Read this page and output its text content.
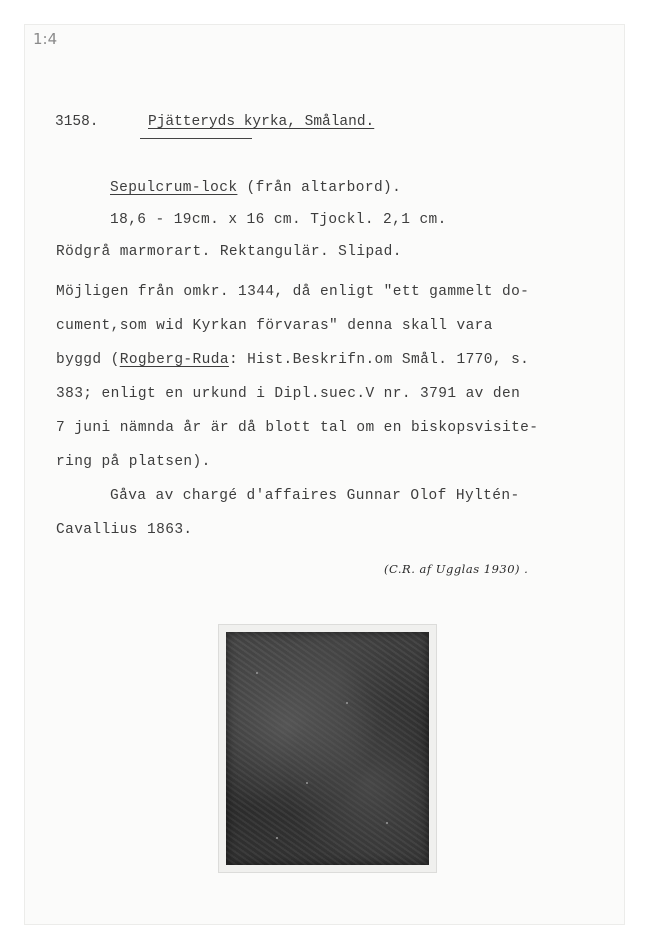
1:4
3158.	Pjätteryds kyrka, Småland.
Sepulcrum-lock (från altarbord).
18,6 - 19cm. x 16 cm. Tjockl. 2,1 cm.
Rödgrå marmorart. Rektangulär. Slipad.
Möjligen från omkr. 1344, då enligt "ett gammelt do-
cument,som wid Kyrkan förvaras" denna skall vara
byggd (Rogberg-Ruda: Hist.Beskrifn.om Smål. 1770, s.
383; enligt en urkund i Dipl.suec.V nr. 3791 av den
7 juni nämnda år är då blott tal om en biskopsvisite-
ring på platsen).
Gåva av chargé d'affaires Gunnar Olof Hyltén-
Cavallius 1863.
(C.R. af Ugglas 1930) .
